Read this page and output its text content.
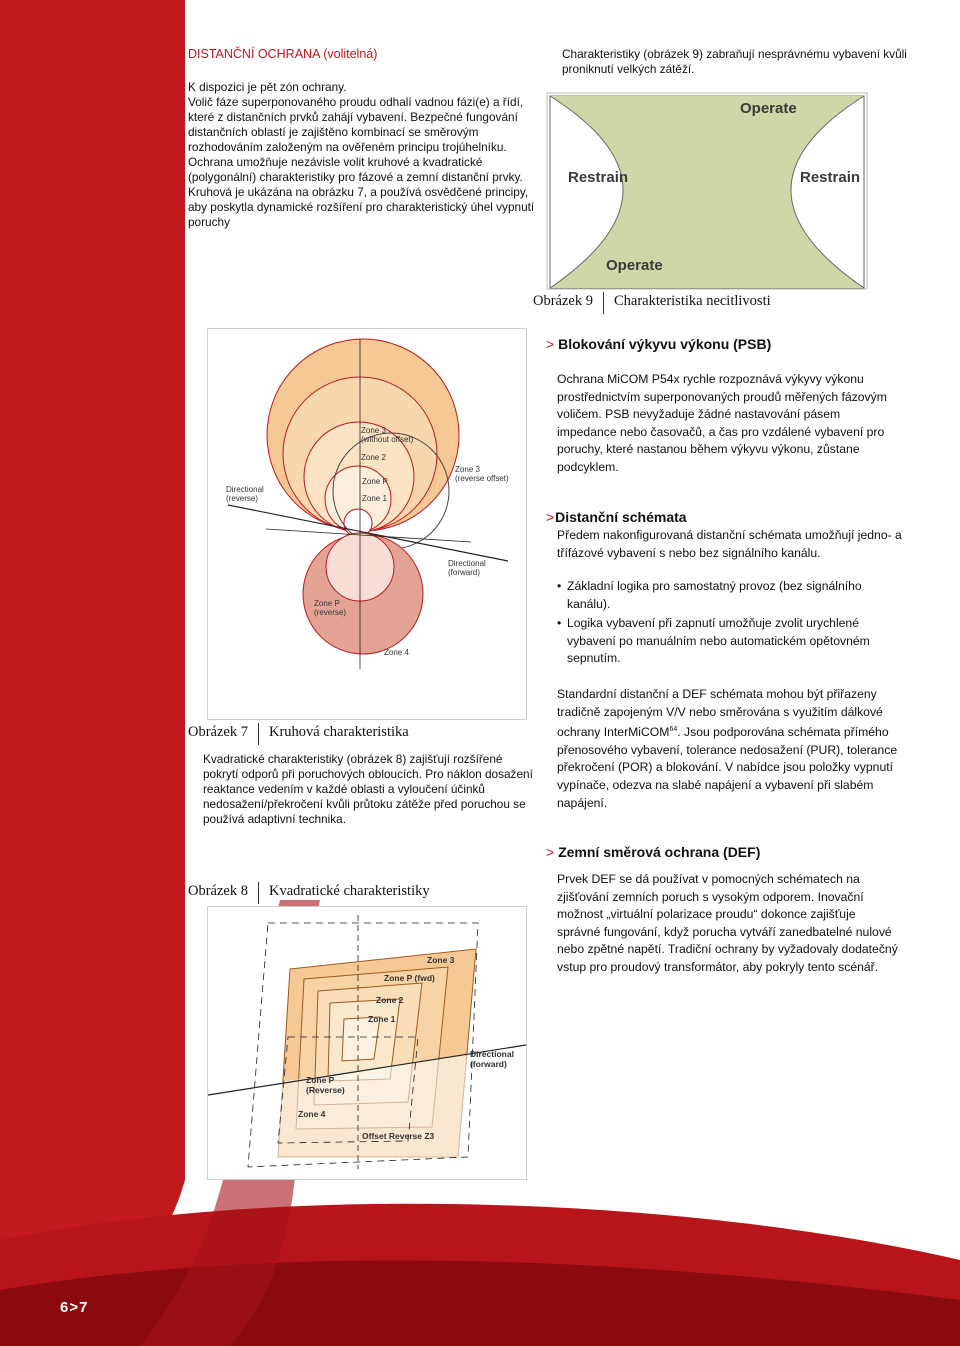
DISTANČNÍ OCHRANA (volitelná)
K dispozici je pět zón ochrany.
Volič fáze superponovaného proudu odhalí vadnou fázi(e) a řídí, které z distančních prvků zahájí vybavení. Bezpečné fungování distančních oblastí je zajištěno kombinací se směrovým rozhodováním založeným na ověřeném principu trojúhelníku. Ochrana umožňuje nezávisle volit kruhové a kvadratické (polygonální) charakteristiky pro fázové a zemní distanční prvky. Kruhová je ukázána na obrázku 7, a používá osvědčené principy, aby poskytla dynamické rozšíření pro charakteristický úhel vypnutí poruchy
Zone 3
(without offset)
Zone 2
Zone P
Zone 1
Zone 3
(reverse offset)
Directional
(reverse)
Directional
(forward)
Zone P
(reverse)
Zone 4
Obrázek 7	Kruhová charakteristika
Kvadratické charakteristiky (obrázek 8) zajišťují rozšířené pokrytí odporů při poruchových obloucích. Pro náklon dosažení reaktance vedením v každé oblasti a vyloučení účinků nedosažení/překročení kvůli průtoku zátěže před poruchou se používá adaptivní technika.
Obrázek 8	Kvadratické charakteristiky
Zone 3
Zone P (fwd)
Zone 2
Zone 1
Directional
(forward)
Zone P
(Reverse)
Zone 4
Offset Reverse Z3
Charakteristiky (obrázek 9) zabraňují nesprávnému vybavení kvůli proniknutí velkých zátěží.
Operate
Restrain	Restrain
Operate
Obrázek 9	Charakteristika necitlivosti
> Blokování výkyvu výkonu (PSB)
Ochrana MiCOM P54x rychle rozpoznává výkyvy výkonu prostřednictvím superponovaných proudů měřených fázovým voličem. PSB nevyžaduje žádné nastavování pásem impedance nebo časovačů, a čas pro vzdálené vybavení pro poruchy, které nastanou během výkyvu výkonu, zůstane podcyklem.
> Distanční schémata
Předem nakonfigurovaná distanční schémata umožňují jedno- a třífázové vybavení s nebo bez signálního kanálu.
• Základní logika pro samostatný provoz (bez signálního kanálu).
• Logika vybavení při zapnutí umožňuje zvolit urychlené vybavení po manuálním nebo automatickém opětovném sepnutím.
Standardní distanční a DEF schémata mohou být přiřazeny tradičně zapojeným V/V nebo směrována s využitím dálkové ochrany InterMiCOM$^{64}$. Jsou podporována schémata přímého přenosového vybavení, tolerance nedosažení (PUR), tolerance překročení (POR) a blokování. V nabídce jsou položky vypnutí vypínače, odezva na slabé napájení a vybavení při slabém napájení.
> Zemní směrová ochrana (DEF)
Prvek DEF se dá používat v pomocných schématech na zjišťování zemních poruch s vysokým odporem. Inovační možnost „virtuální polarizace proudu“ dokonce zajišťuje správné fungování, když porucha vytváří zanedbatelné nulové nebo zpětné napětí. Tradiční ochrany by vyžadovaly dodatečný vstup pro proudový transformátor, aby pokryly tento scénář.
6>7
